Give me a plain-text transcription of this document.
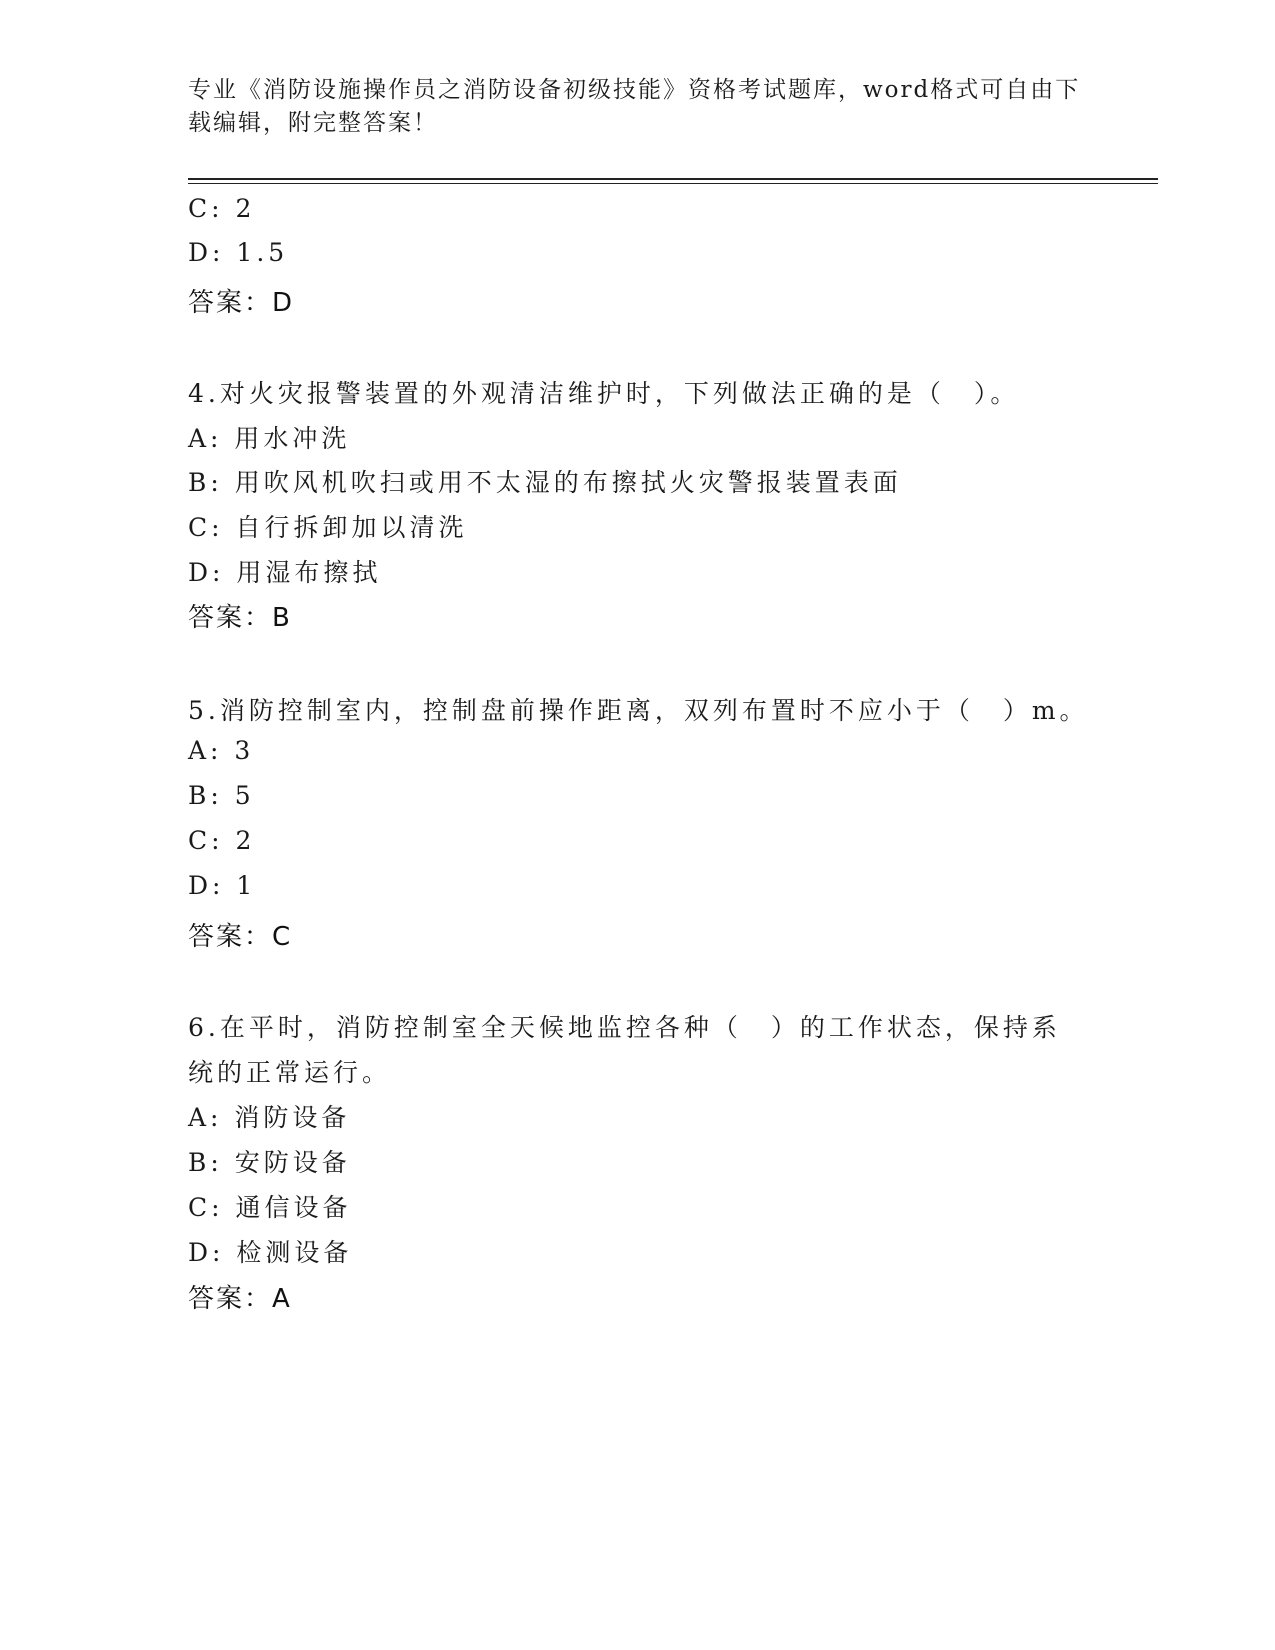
专业《消防设施操作员之消防设备初级技能》资格考试题库，word格式可自由下
载编辑，附完整答案！
C: 2
D: 1.5
答案：D
4.对火灾报警装置的外观清洁维护时，下列做法正确的是（　）。
A: 用水冲洗
B: 用吹风机吹扫或用不太湿的布擦拭火灾警报装置表面
C: 自行拆卸加以清洗
D: 用湿布擦拭
答案：B
5.消防控制室内，控制盘前操作距离，双列布置时不应小于（　）m。
A: 3
B: 5
C: 2
D: 1
答案：C
6.在平时，消防控制室全天候地监控各种（　）的工作状态，保持系
统的正常运行。
A: 消防设备
B: 安防设备
C: 通信设备
D: 检测设备
答案：A
